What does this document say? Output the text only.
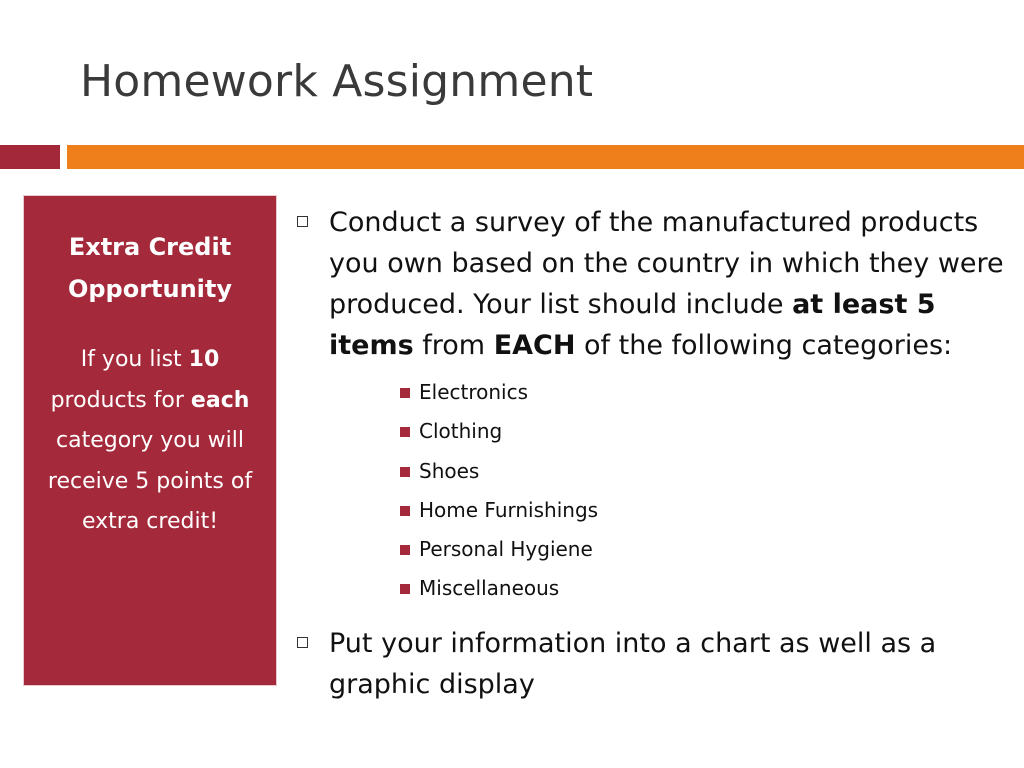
Homework Assignment

Extra Credit
Opportunity

If you list 10 products for each category you will receive 5 points of extra credit!

Conduct a survey of the manufactured products you own based on the country in which they were produced. Your list should include at least 5 items from EACH of the following categories:
Electronics
Clothing
Shoes
Home Furnishings
Personal Hygiene
Miscellaneous
Put your information into a chart as well as a graphic display
